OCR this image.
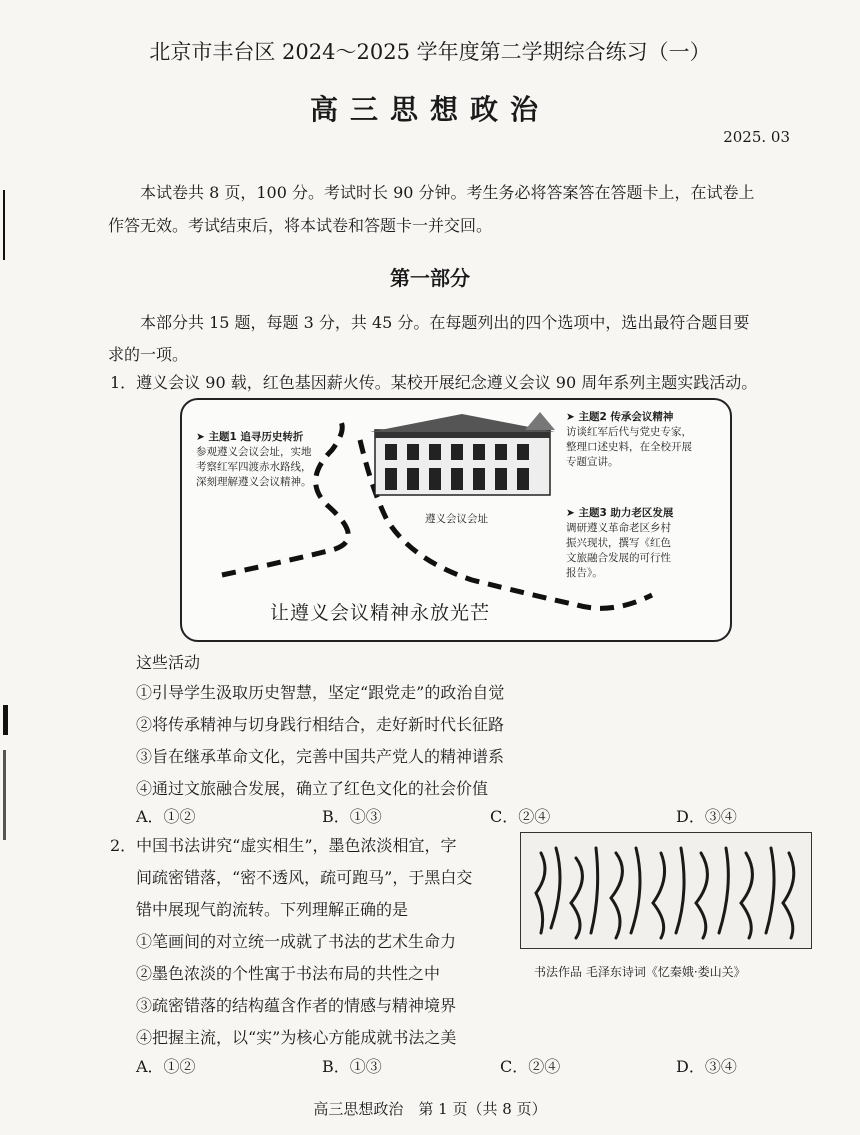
北京市丰台区 2024～2025 学年度第二学期综合练习（一）
高三思想政治
2025. 03
本试卷共 8 页，100 分。考试时长 90 分钟。考生务必将答案答在答题卡上，在试卷上
作答无效。考试结束后，将本试卷和答题卡一并交回。
第一部分
本部分共 15 题，每题 3 分，共 45 分。在每题列出的四个选项中，选出最符合题目要
求的一项。
1．遵义会议 90 载，红色基因薪火传。某校开展纪念遵义会议 90 周年系列主题实践活动。
➤ 主题1 追寻历史转折
参观遵义会议会址，实地
考察红军四渡赤水路线，
深刻理解遵义会议精神。
➤ 主题2 传承会议精神
访谈红军后代与党史专家，
整理口述史料，在全校开展
专题宣讲。
➤ 主题3 助力老区发展
调研遵义革命老区乡村
振兴现状，撰写《红色
文旅融合发展的可行性
报告》。
遵义会议会址
让遵义会议精神永放光芒
这些活动
①引导学生汲取历史智慧，坚定“跟党走”的政治自觉
②将传承精神与切身践行相结合，走好新时代长征路
③旨在继承革命文化，完善中国共产党人的精神谱系
④通过文旅融合发展，确立了红色文化的社会价值
A．①②	B．①③	C．②④	D．③④
2．中国书法讲究“虚实相生”，墨色浓淡相宜，字
间疏密错落，“密不透风，疏可跑马”，于黑白交
错中展现气韵流转。下列理解正确的是
①笔画间的对立统一成就了书法的艺术生命力
书法作品 毛泽东诗词《忆秦娥·娄山关》
②墨色浓淡的个性寓于书法布局的共性之中
③疏密错落的结构蕴含作者的情感与精神境界
④把握主流，以“实”为核心方能成就书法之美
A．①②	B．①③	C．②④	D．③④
高三思想政治　第 1 页（共 8 页）
